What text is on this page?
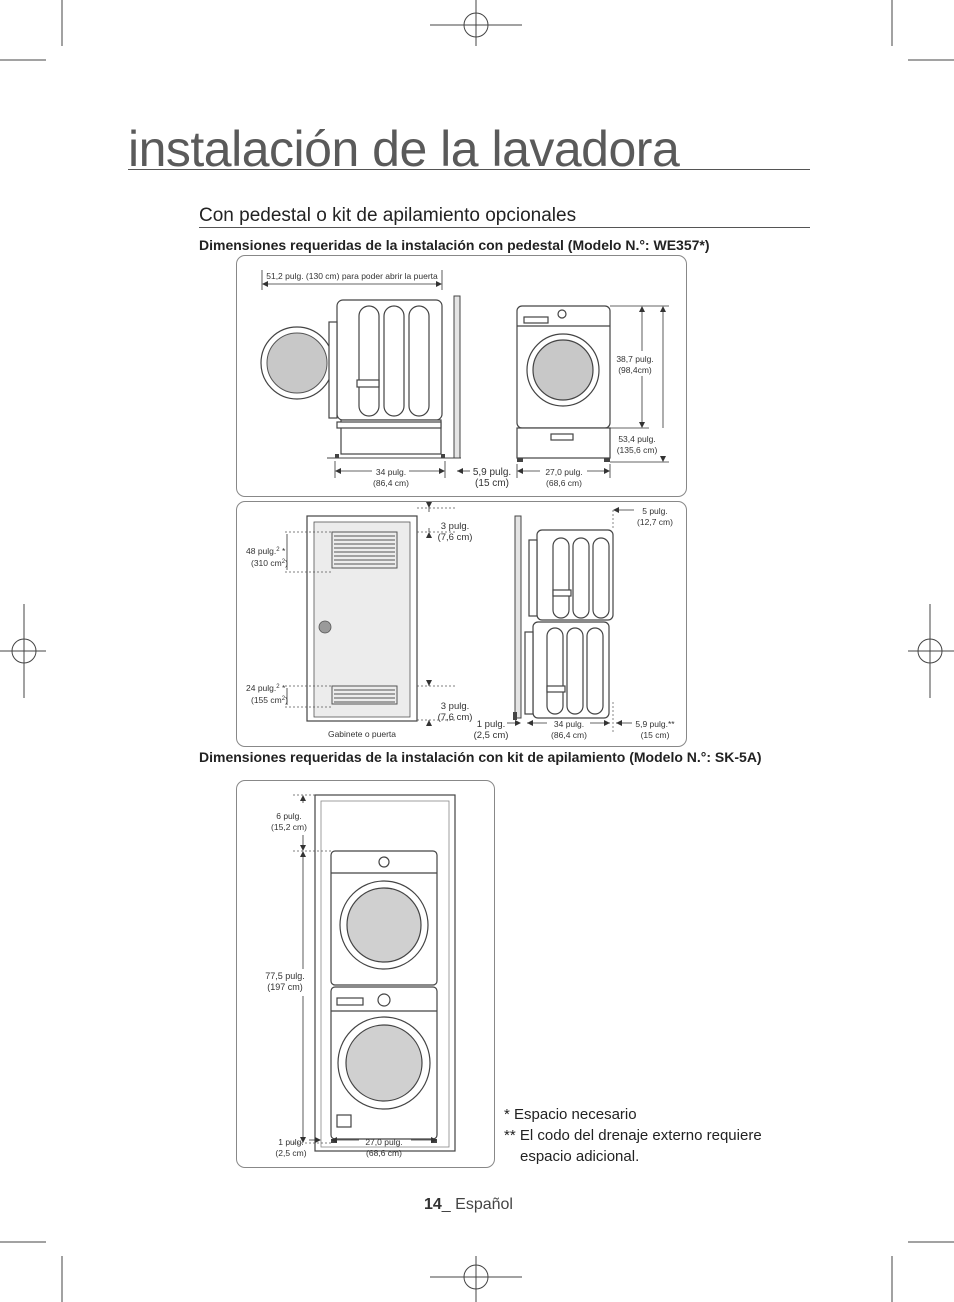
instalación de la lavadora
Con pedestal o kit de apilamiento opcionales
Dimensiones requeridas de la instalación con pedestal (Modelo N.°: WE357*)
51,2 pulg. (130 cm) para poder abrir la puerta
34 pulg.
(86,4 cm)
5,9 pulg.
(15 cm)
27,0 pulg.
(68,6 cm)
38,7 pulg.
(98,4cm)
53,4 pulg.
(135,6 cm)
48 pulg.$^2$ *
(310 $cm^2$)
24 pulg.$^2$ *
(155 $cm^2$)
3 pulg.
(7,6 cm)
3 pulg.
(7,6 cm)
Gabinete o puerta
5 pulg.
(12,7 cm)
1 pulg.
(2,5 cm)
34 pulg.
(86,4 cm)
5,9 pulg.**
(15 cm)
Dimensiones requeridas de la instalación con kit de apilamiento (Modelo N.°: SK-5A)
6 pulg.
(15,2 cm)
77,5 pulg.
(197 cm)
1 pulg.
(2,5 cm)
27,0 pulg.
(68,6 cm)
* Espacio necesario
** El codo del drenaje externo requiere
espacio adicional.
14_ Español
